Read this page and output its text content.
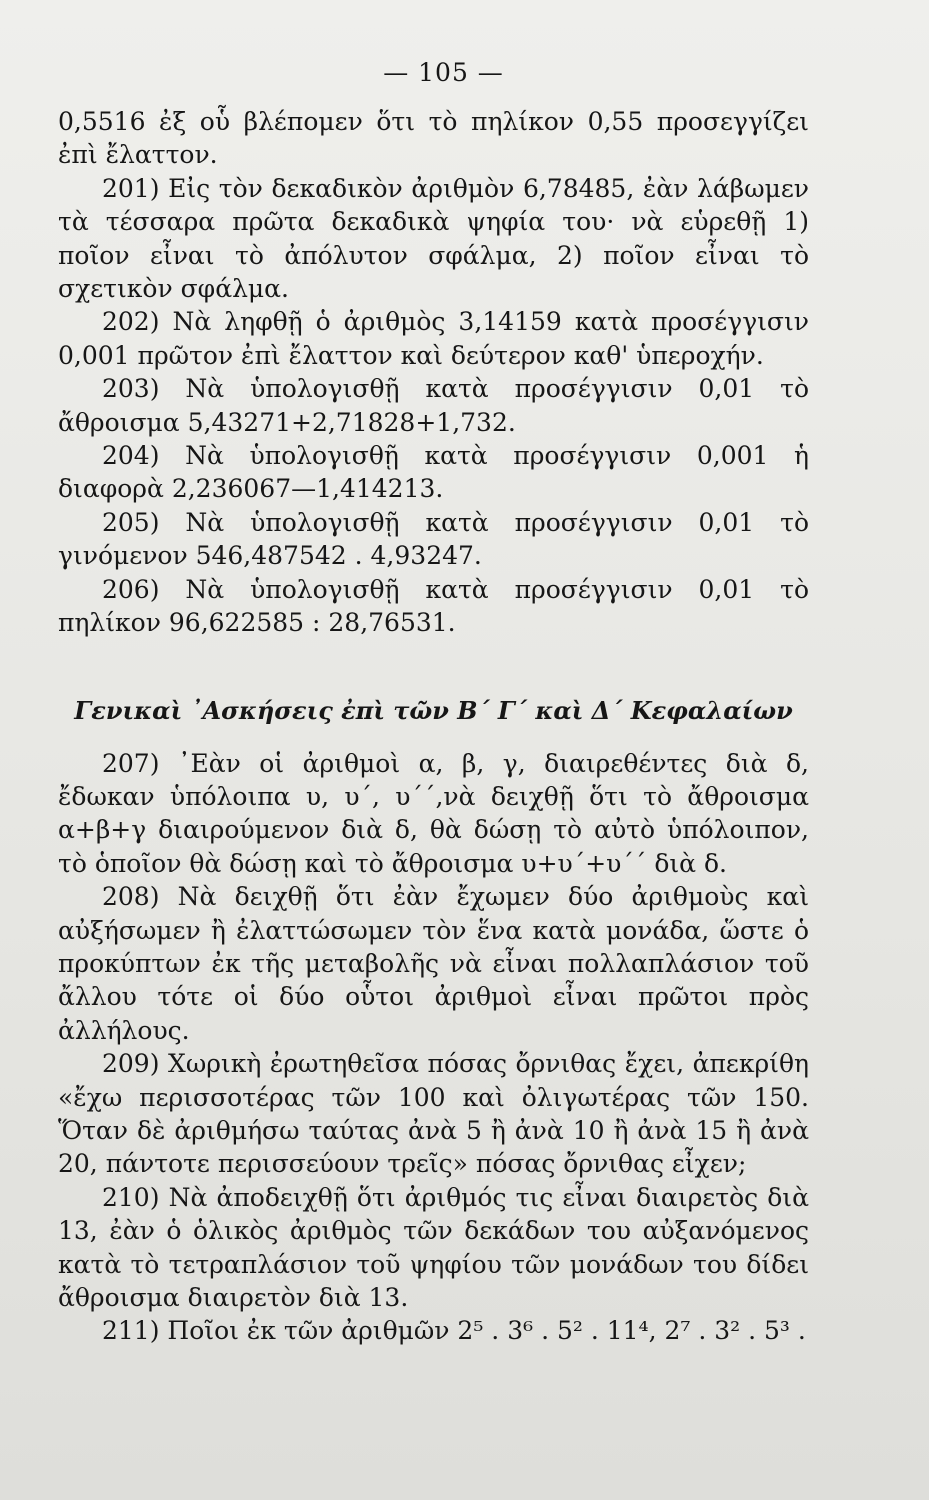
— 105 —

0,5516 ἐξ οὗ βλέπομεν ὅτι τὸ πηλίκον 0,55 προσεγγίζει ἐπὶ ἔλαττον.

201) Εἰς τὸν δεκαδικὸν ἀριθμὸν 6,78485, ἐὰν λάβωμεν τὰ τέσσαρα πρῶτα δεκαδικὰ ψηφία του· νὰ εὑρεθῇ 1) ποῖον εἶναι τὸ ἀπόλυτον σφάλμα, 2) ποῖον εἶναι τὸ σχετικὸν σφάλμα.

202) Νὰ ληφθῇ ὁ ἀριθμὸς 3,14159 κατὰ προσέγγισιν 0,001 πρῶτον ἐπὶ ἔλαττον καὶ δεύτερον καθ' ὑπεροχήν.

203) Νὰ ὑπολογισθῇ κατὰ προσέγγισιν 0,01 τὸ ἄθροισμα 5,43271+2,71828+1,732.

204) Νὰ ὑπολογισθῇ κατὰ προσέγγισιν 0,001 ἡ διαφορὰ 2,236067—1,414213.

205) Νὰ ὑπολογισθῇ κατὰ προσέγγισιν 0,01 τὸ γινόμενον 546,487542 . 4,93247.

206) Νὰ ὑπολογισθῇ κατὰ προσέγγισιν 0,01 τὸ πηλίκον 96,622585 : 28,76531.

Γενικαὶ ᾿Ασκήσεις ἐπὶ τῶν Β΄ Γ΄ καὶ Δ΄ Κεφαλαίων

207) ᾿Εὰν οἱ ἀριθμοὶ α, β, γ, διαιρεθέντες διὰ δ, ἔδωκαν ὑπόλοιπα υ, υ΄, υ΄΄,νὰ δειχθῇ ὅτι τὸ ἄθροισμα α+β+γ διαιρούμενον διὰ δ, θὰ δώσῃ τὸ αὐτὸ ὑπόλοιπον, τὸ ὁποῖον θὰ δώσῃ καὶ τὸ ἄθροισμα υ+υ΄+υ΄΄ διὰ δ.

208) Νὰ δειχθῇ ὅτι ἐὰν ἔχωμεν δύο ἀριθμοὺς καὶ αὐξήσωμεν ἢ ἐλαττώσωμεν τὸν ἕνα κατὰ μονάδα, ὥστε ὁ προκύπτων ἐκ τῆς μεταβολῆς νὰ εἶναι πολλαπλάσιον τοῦ ἄλλου τότε οἱ δύο οὗτοι ἀριθμοὶ εἶναι πρῶτοι πρὸς ἀλλήλους.

209) Χωρικὴ ἐρωτηθεῖσα πόσας ὄρνιθας ἔχει, ἀπεκρίθη «ἔχω περισσοτέρας τῶν 100 καὶ ὀλιγωτέρας τῶν 150. Ὅταν δὲ ἀριθμήσω ταύτας ἀνὰ 5 ἢ ἀνὰ 10 ἢ ἀνὰ 15 ἢ ἀνὰ 20, πάντοτε περισσεύουν τρεῖς» πόσας ὄρνιθας εἶχεν;

210) Νὰ ἀποδειχθῇ ὅτι ἀριθμός τις εἶναι διαιρετὸς διὰ 13, ἐὰν ὁ ὁλικὸς ἀριθμὸς τῶν δεκάδων του αὐξανόμενος κατὰ τὸ τετραπλάσιον τοῦ ψηφίου τῶν μονάδων του δίδει ἄθροισμα διαιρετὸν διὰ 13.

211) Ποῖοι ἐκ τῶν ἀριθμῶν 2⁵ . 3⁶ . 5² . 11⁴, 2⁷ . 3² . 5³ .
